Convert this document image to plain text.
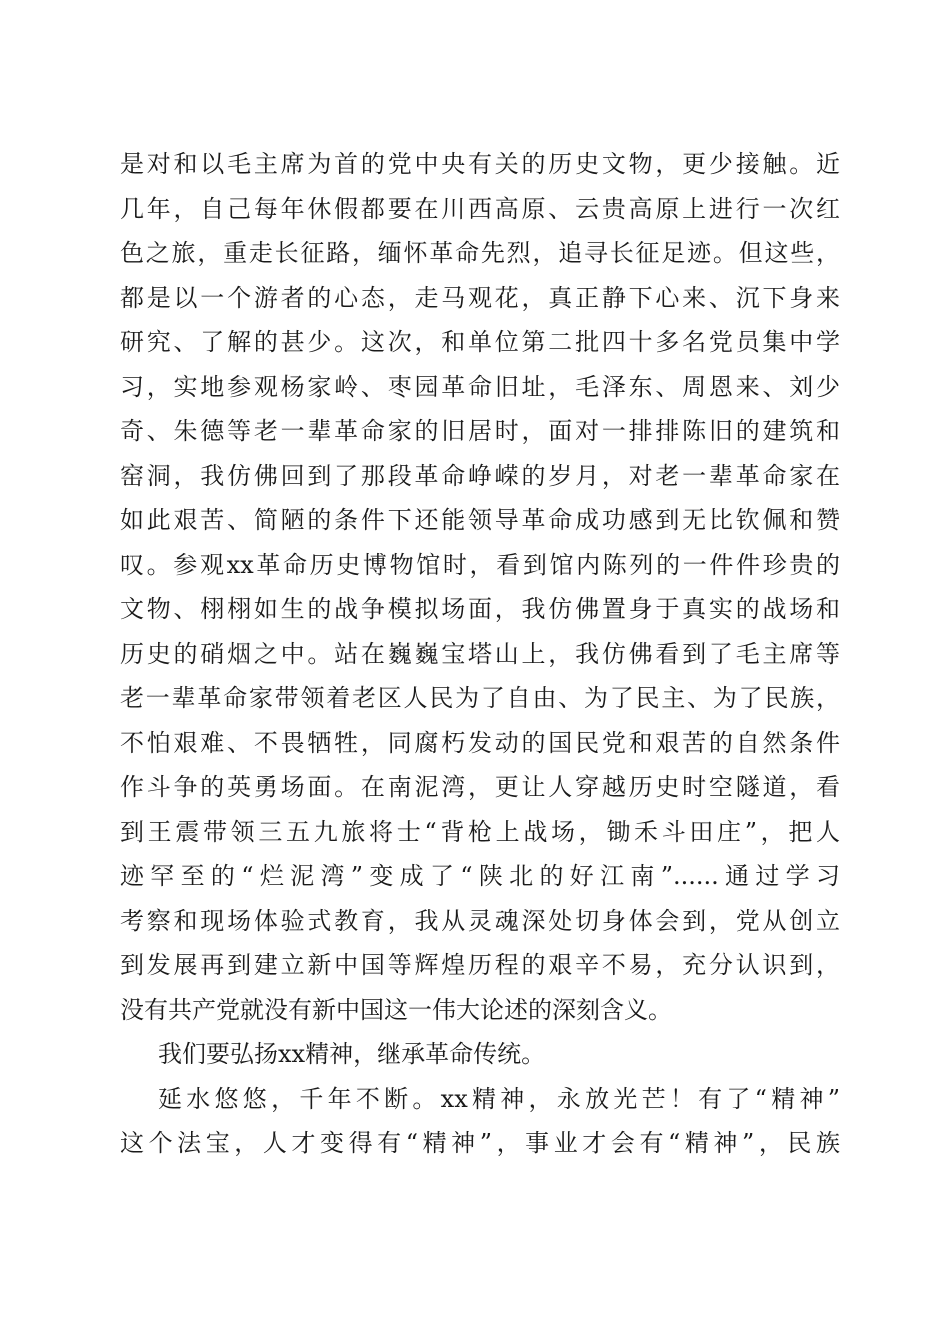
是对和以毛主席为首的党中央有关的历史文物，更少接触。近
几年，自己每年休假都要在川西高原、云贵高原上进行一次红
色之旅，重走长征路，缅怀革命先烈，追寻长征足迹。但这些，
都是以一个游者的心态，走马观花，真正静下心来、沉下身来
研究、了解的甚少。这次，和单位第二批四十多名党员集中学
习，实地参观杨家岭、枣园革命旧址，毛泽东、周恩来、刘少
奇、朱德等老一辈革命家的旧居时，面对一排排陈旧的建筑和
窑洞，我仿佛回到了那段革命峥嵘的岁月，对老一辈革命家在
如此艰苦、简陋的条件下还能领导革命成功感到无比钦佩和赞
叹。参观xx革命历史博物馆时，看到馆内陈列的一件件珍贵的
文物、栩栩如生的战争模拟场面，我仿佛置身于真实的战场和
历史的硝烟之中。站在巍巍宝塔山上，我仿佛看到了毛主席等
老一辈革命家带领着老区人民为了自由、为了民主、为了民族，
不怕艰难、不畏牺牲，同腐朽发动的国民党和艰苦的自然条件
作斗争的英勇场面。在南泥湾，更让人穿越历史时空隧道，看
到王震带领三五九旅将士“背枪上战场，锄禾斗田庄”，把人
迹罕至的“烂泥湾”变成了“陕北的好江南”......通过学习
考察和现场体验式教育，我从灵魂深处切身体会到，党从创立
到发展再到建立新中国等辉煌历程的艰辛不易，充分认识到，
没有共产党就没有新中国这一伟大论述的深刻含义。
我们要弘扬xx精神，继承革命传统。
延水悠悠，千年不断。xx精神，永放光芒！有了“精神”
这个法宝，人才变得有“精神”，事业才会有“精神”，民族
